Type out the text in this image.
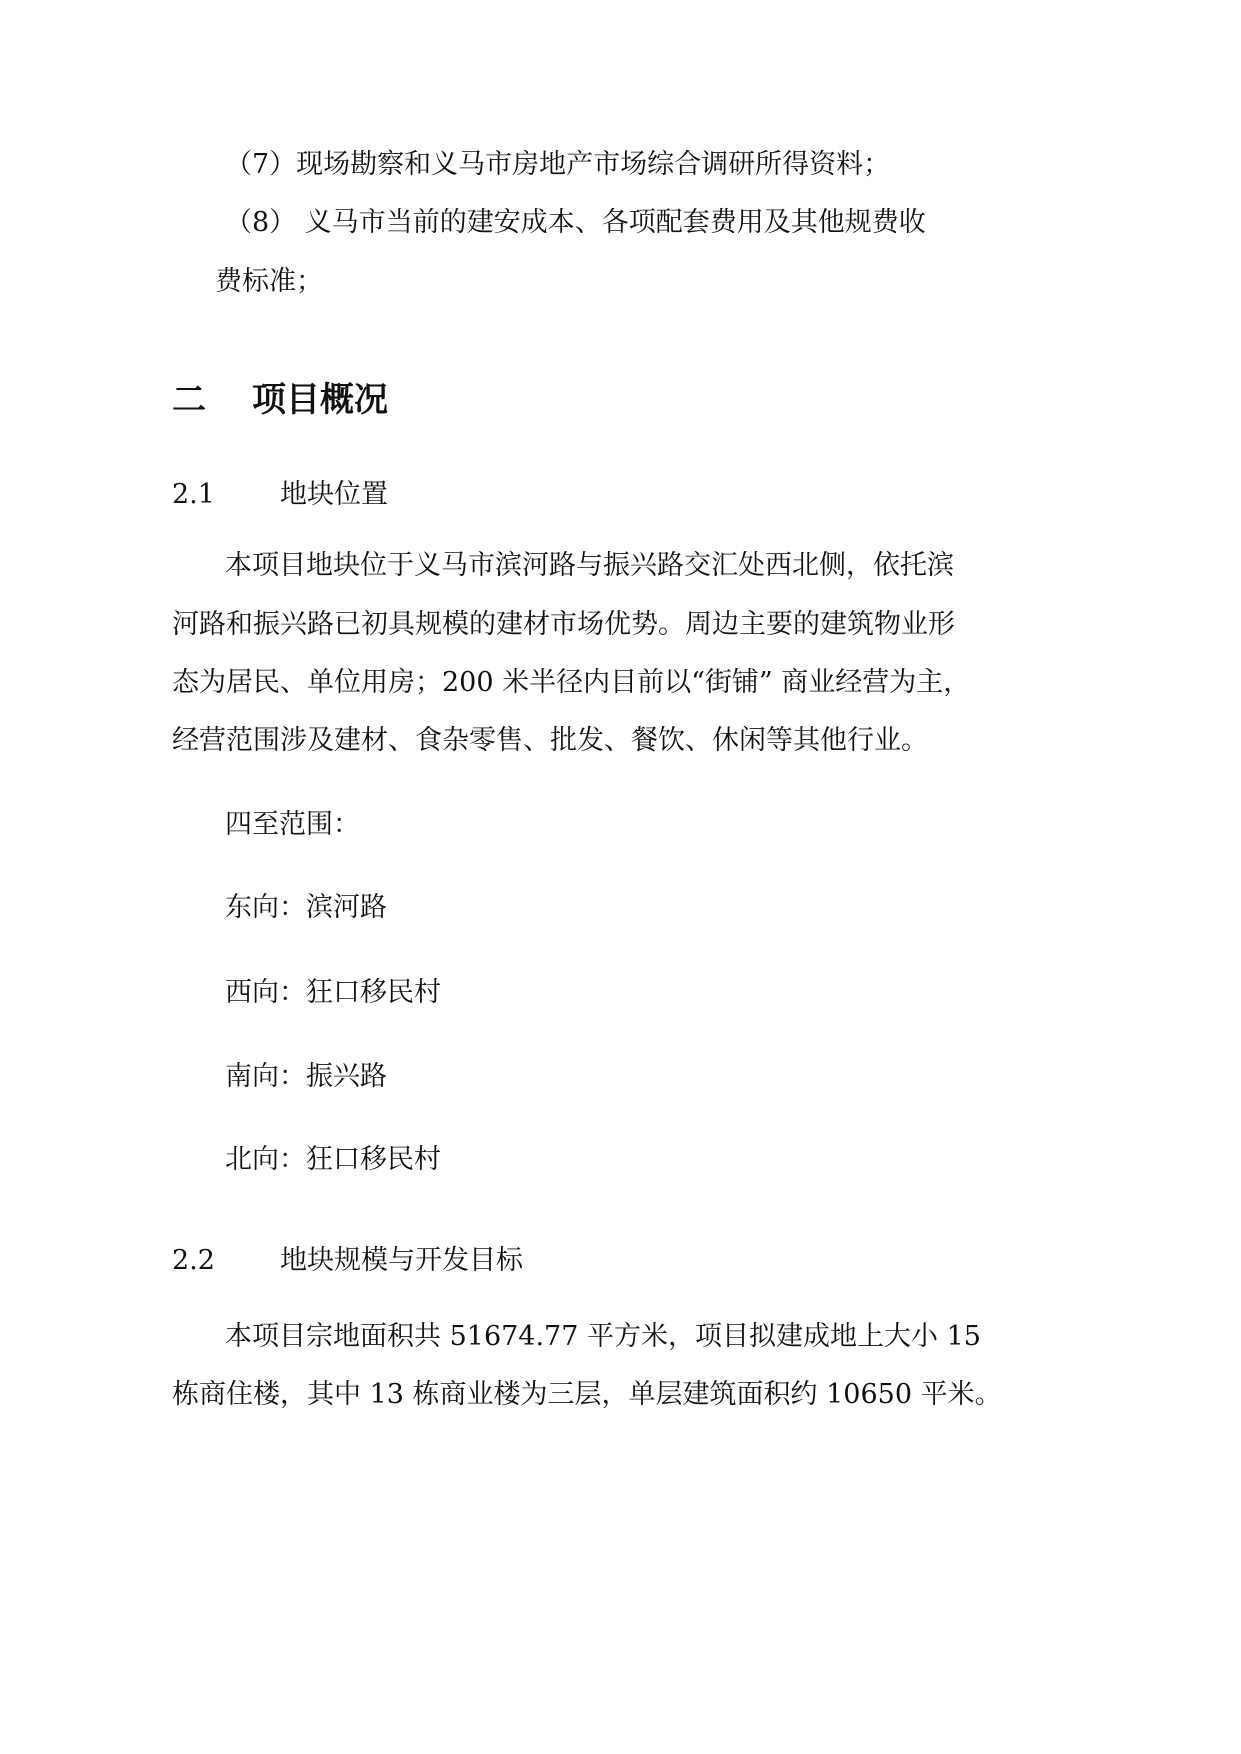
（7）现场勘察和义马市房地产市场综合调研所得资料；
（8） 义马市当前的建安成本、各项配套费用及其他规费收
费标准；
二 项目概况
2.1 地块位置
本项目地块位于义马市滨河路与振兴路交汇处西北侧，依托滨
河路和振兴路已初具规模的建材市场优势。周边主要的建筑物业形
态为居民、单位用房；200 米半径内目前以“街铺” 商业经营为主，
经营范围涉及建材、食杂零售、批发、餐饮、休闲等其他行业。
四至范围：
东向：滨河路
西向：狂口移民村
南向：振兴路
北向：狂口移民村
2.2 地块规模与开发目标
本项目宗地面积共 51674.77 平方米，项目拟建成地上大小 15
栋商住楼，其中 13 栋商业楼为三层，单层建筑面积约 10650 平米。
